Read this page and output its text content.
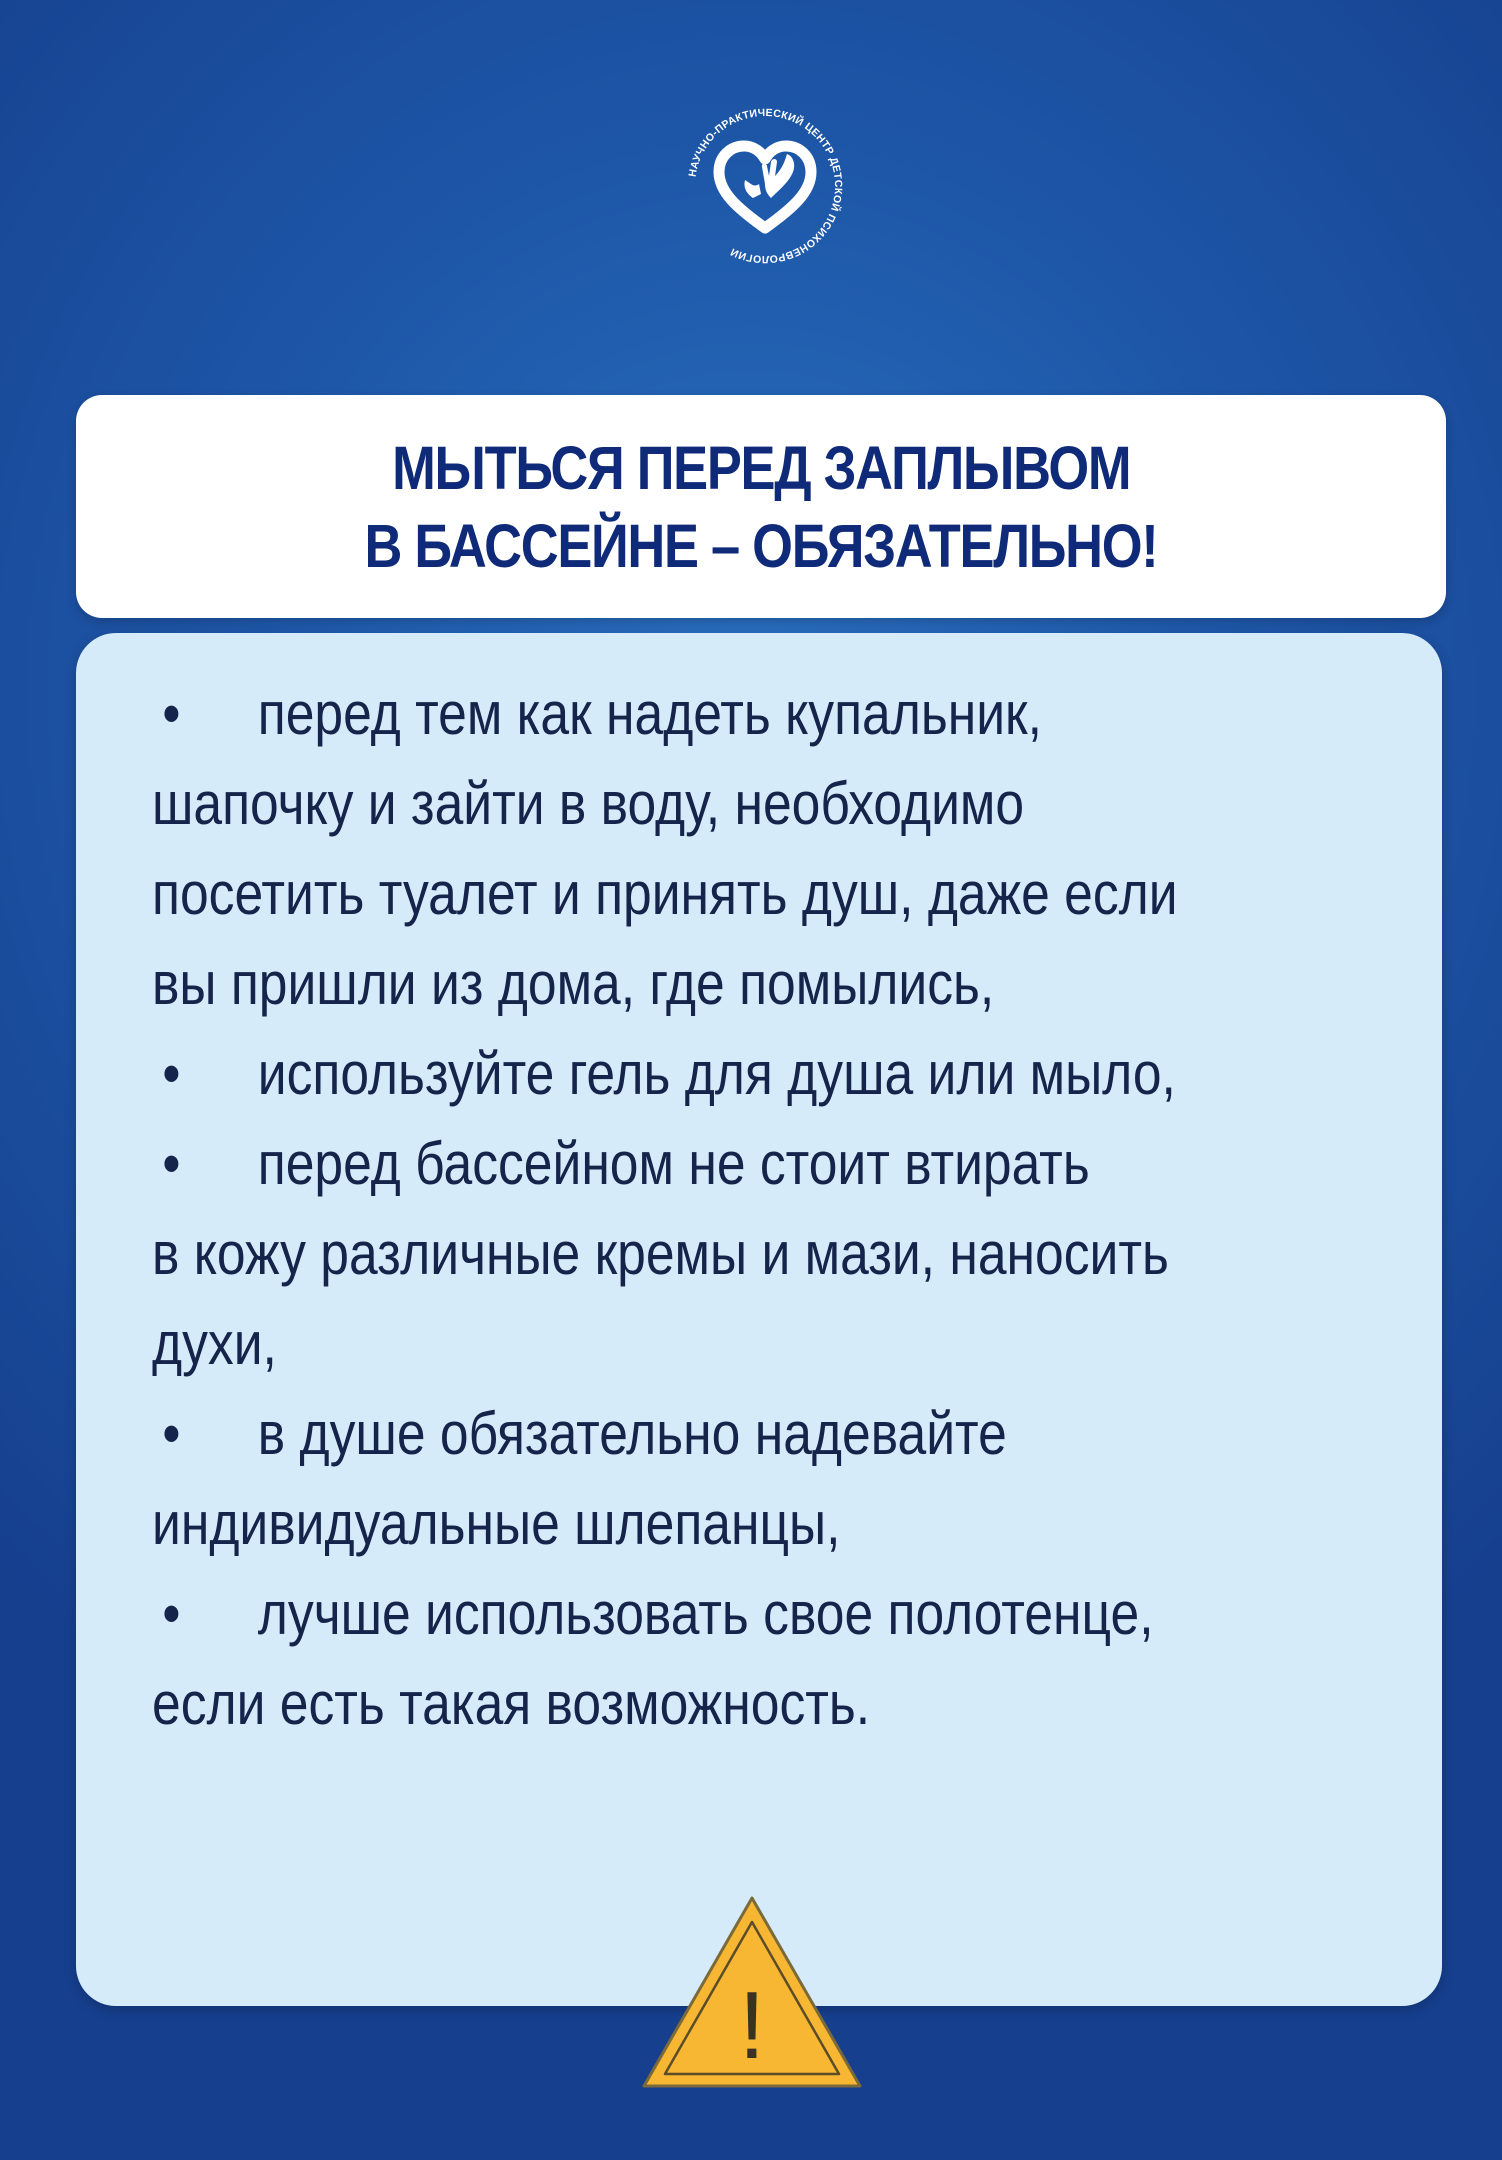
НАУЧНО-ПРАКТИЧЕСКИЙ ЦЕНТР ДЕТСКОЙ ПСИХОНЕВРОЛОГИИ
МЫТЬСЯ ПЕРЕД ЗАПЛЫВОМ
В БАССЕЙНЕ – ОБЯЗАТЕЛЬНО!
• перед тем как надеть купальник,
шапочку и зайти в воду, необходимо
посетить туалет и принять душ, даже если
вы пришли из дома, где помылись,
• используйте гель для душа или мыло,
• перед бассейном не стоит втирать
в кожу различные кремы и мази, наносить
духи,
• в душе обязательно надевайте
индивидуальные шлепанцы,
• лучше использовать свое полотенце,
если есть такая возможность.
!
